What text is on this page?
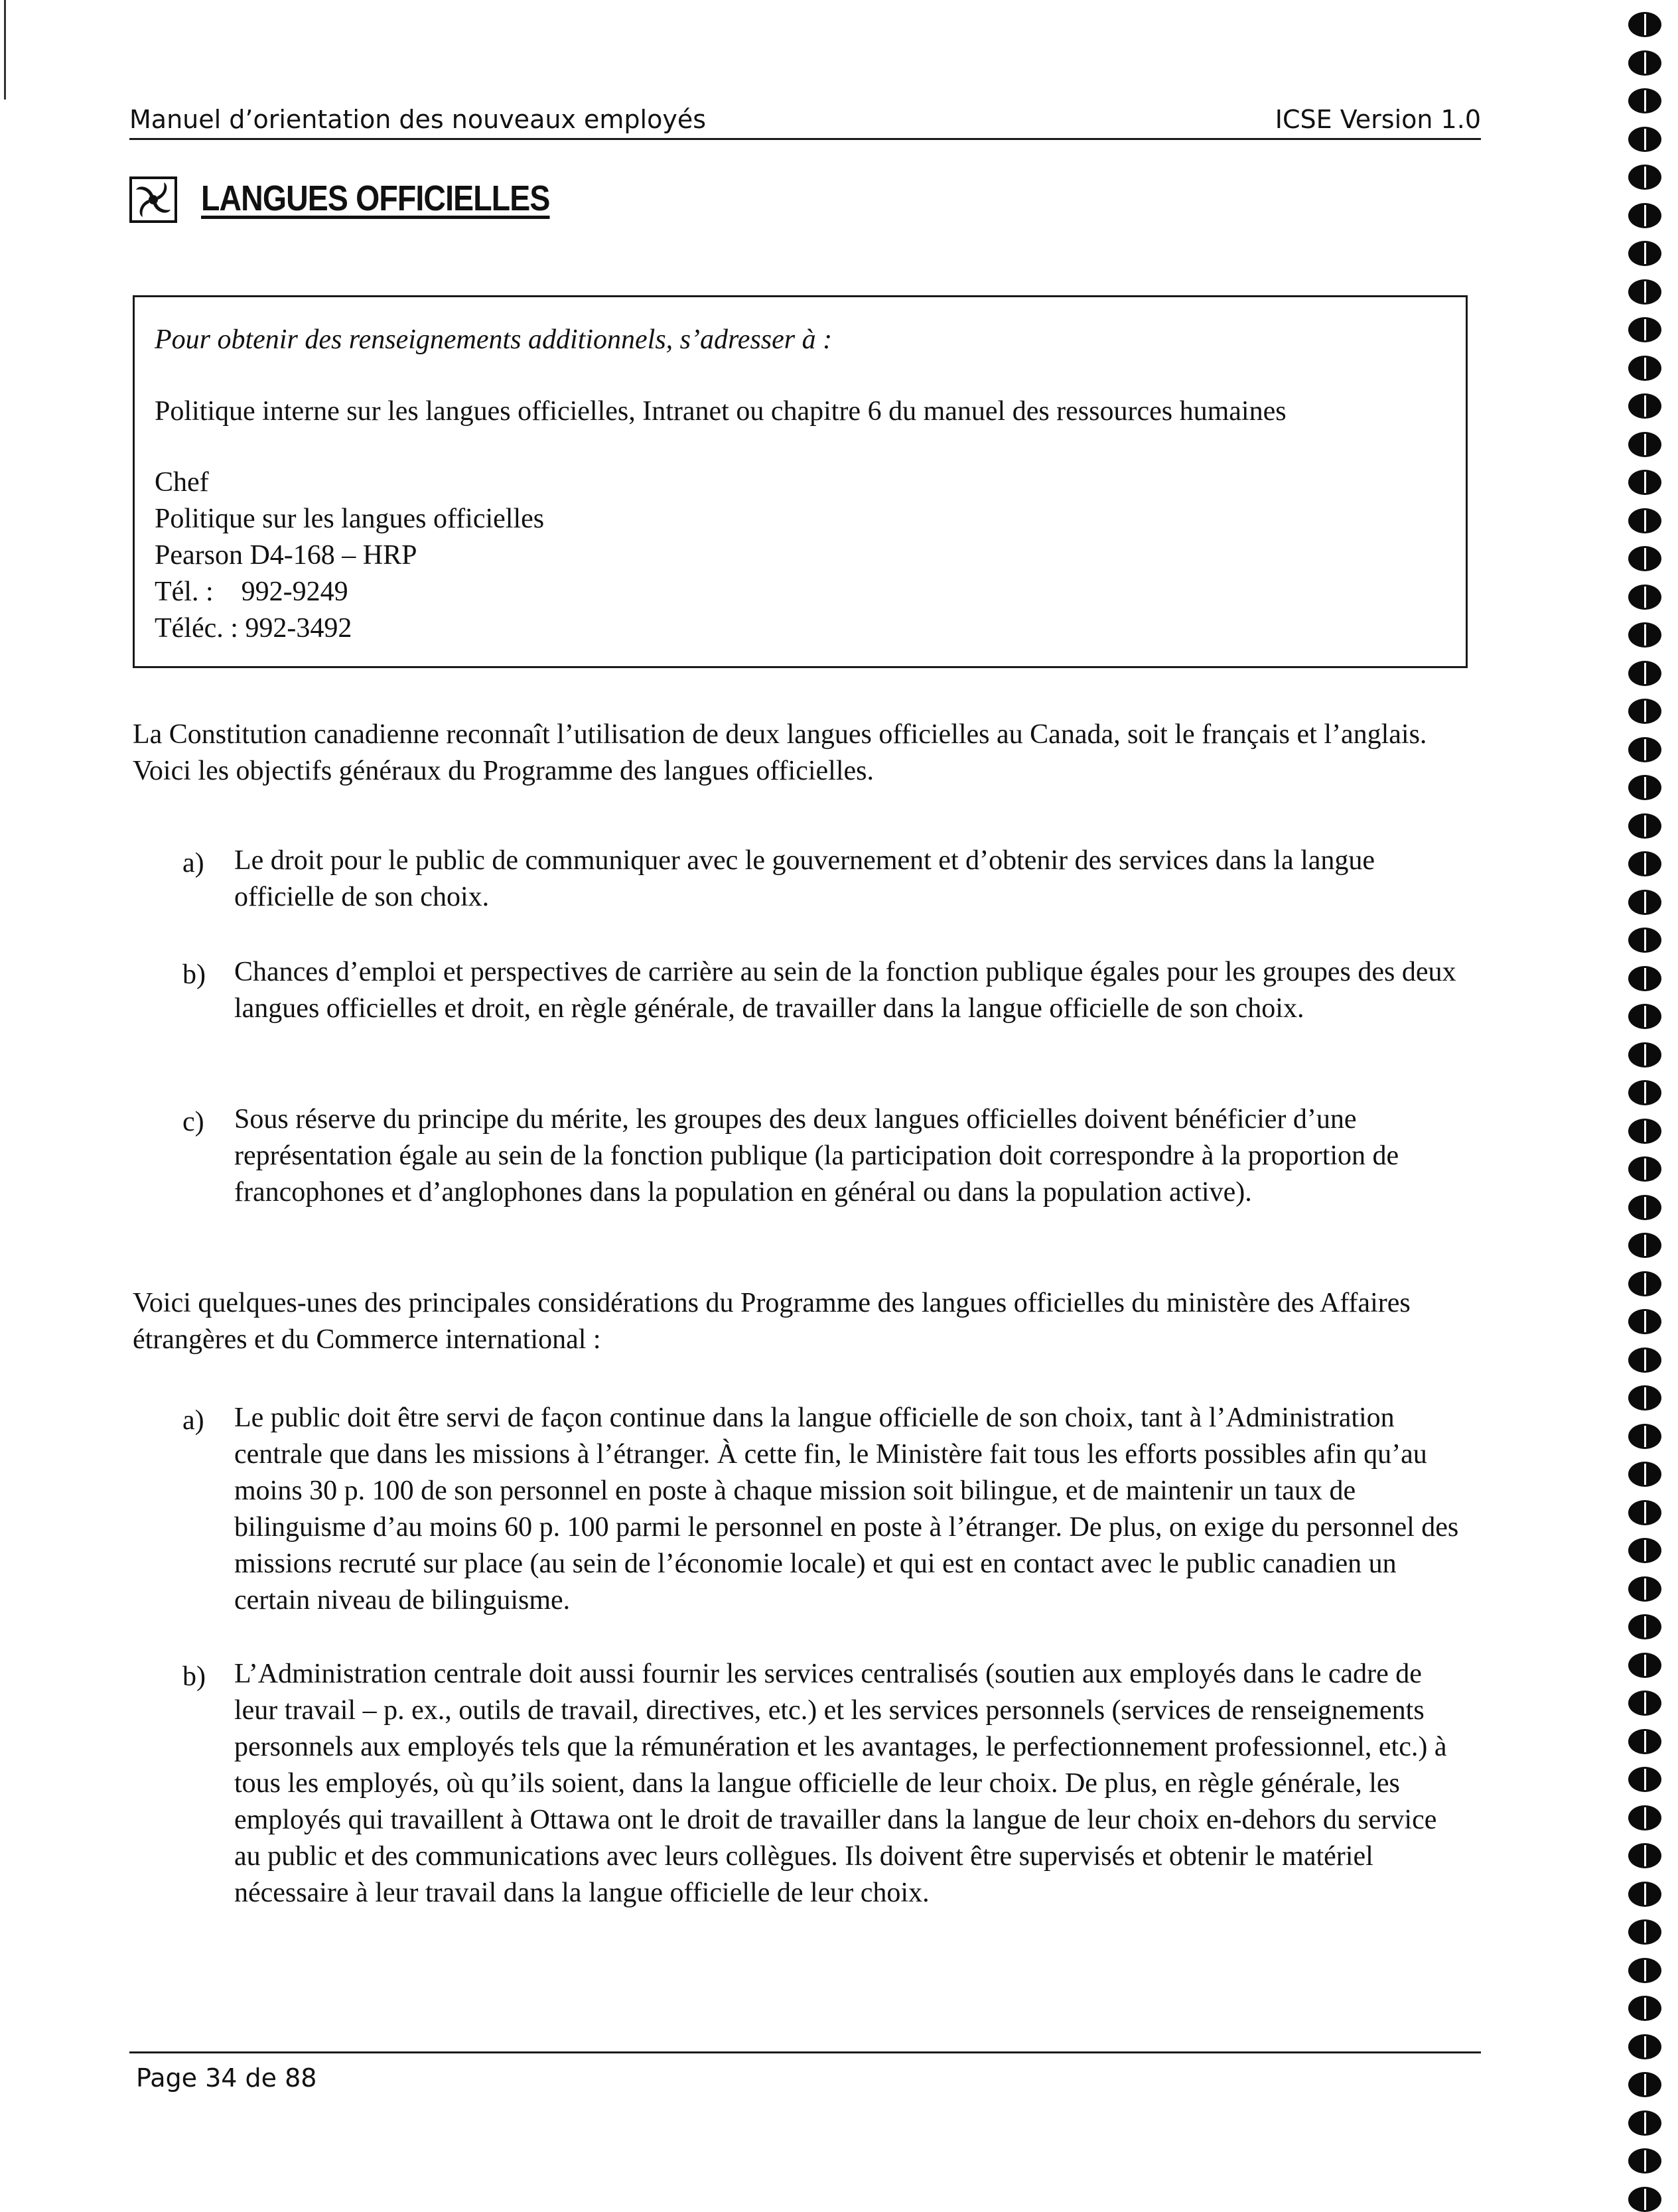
Manuel d’orientation des nouveaux employés	ICSE Version 1.0
LANGUES OFFICIELLES
Pour obtenir des renseignements additionnels, s’adresser à :
Politique interne sur les langues officielles, Intranet ou chapitre 6 du manuel des ressources humaines
Chef
Politique sur les langues officielles
Pearson D4-168 – HRP
Tél. :    992-9249
Téléc. : 992-3492

La Constitution canadienne reconnaît l’utilisation de deux langues officielles au Canada, soit le français et l’anglais. Voici les objectifs généraux du Programme des langues officielles.

a) Le droit pour le public de communiquer avec le gouvernement et d’obtenir des services dans la langue officielle de son choix.

b) Chances d’emploi et perspectives de carrière au sein de la fonction publique égales pour les groupes des deux langues officielles et droit, en règle générale, de travailler dans la langue officielle de son choix.

c) Sous réserve du principe du mérite, les groupes des deux langues officielles doivent bénéficier d’une représentation égale au sein de la fonction publique (la participation doit correspondre à la proportion de francophones et d’anglophones dans la population en général ou dans la population active).

Voici quelques-unes des principales considérations du Programme des langues officielles du ministère des Affaires étrangères et du Commerce international :

a) Le public doit être servi de façon continue dans la langue officielle de son choix, tant à l’Administration centrale que dans les missions à l’étranger. À cette fin, le Ministère fait tous les efforts possibles afin qu’au moins 30 p. 100 de son personnel en poste à chaque mission soit bilingue, et de maintenir un taux de bilinguisme d’au moins 60 p. 100 parmi le personnel en poste à l’étranger. De plus, on exige du personnel des missions recruté sur place (au sein de l’économie locale) et qui est en contact avec le public canadien un certain niveau de bilinguisme.

b) L’Administration centrale doit aussi fournir les services centralisés (soutien aux employés dans le cadre de leur travail – p. ex., outils de travail, directives, etc.) et les services personnels (services de renseignements personnels aux employés tels que la rémunération et les avantages, le perfectionnement professionnel, etc.) à tous les employés, où qu’ils soient, dans la langue officielle de leur choix. De plus, en règle générale, les employés qui travaillent à Ottawa ont le droit de travailler dans la langue de leur choix en-dehors du service au public et des communications avec leurs collègues. Ils doivent être supervisés et obtenir le matériel nécessaire à leur travail dans la langue officielle de leur choix.

Page 34 de 88
